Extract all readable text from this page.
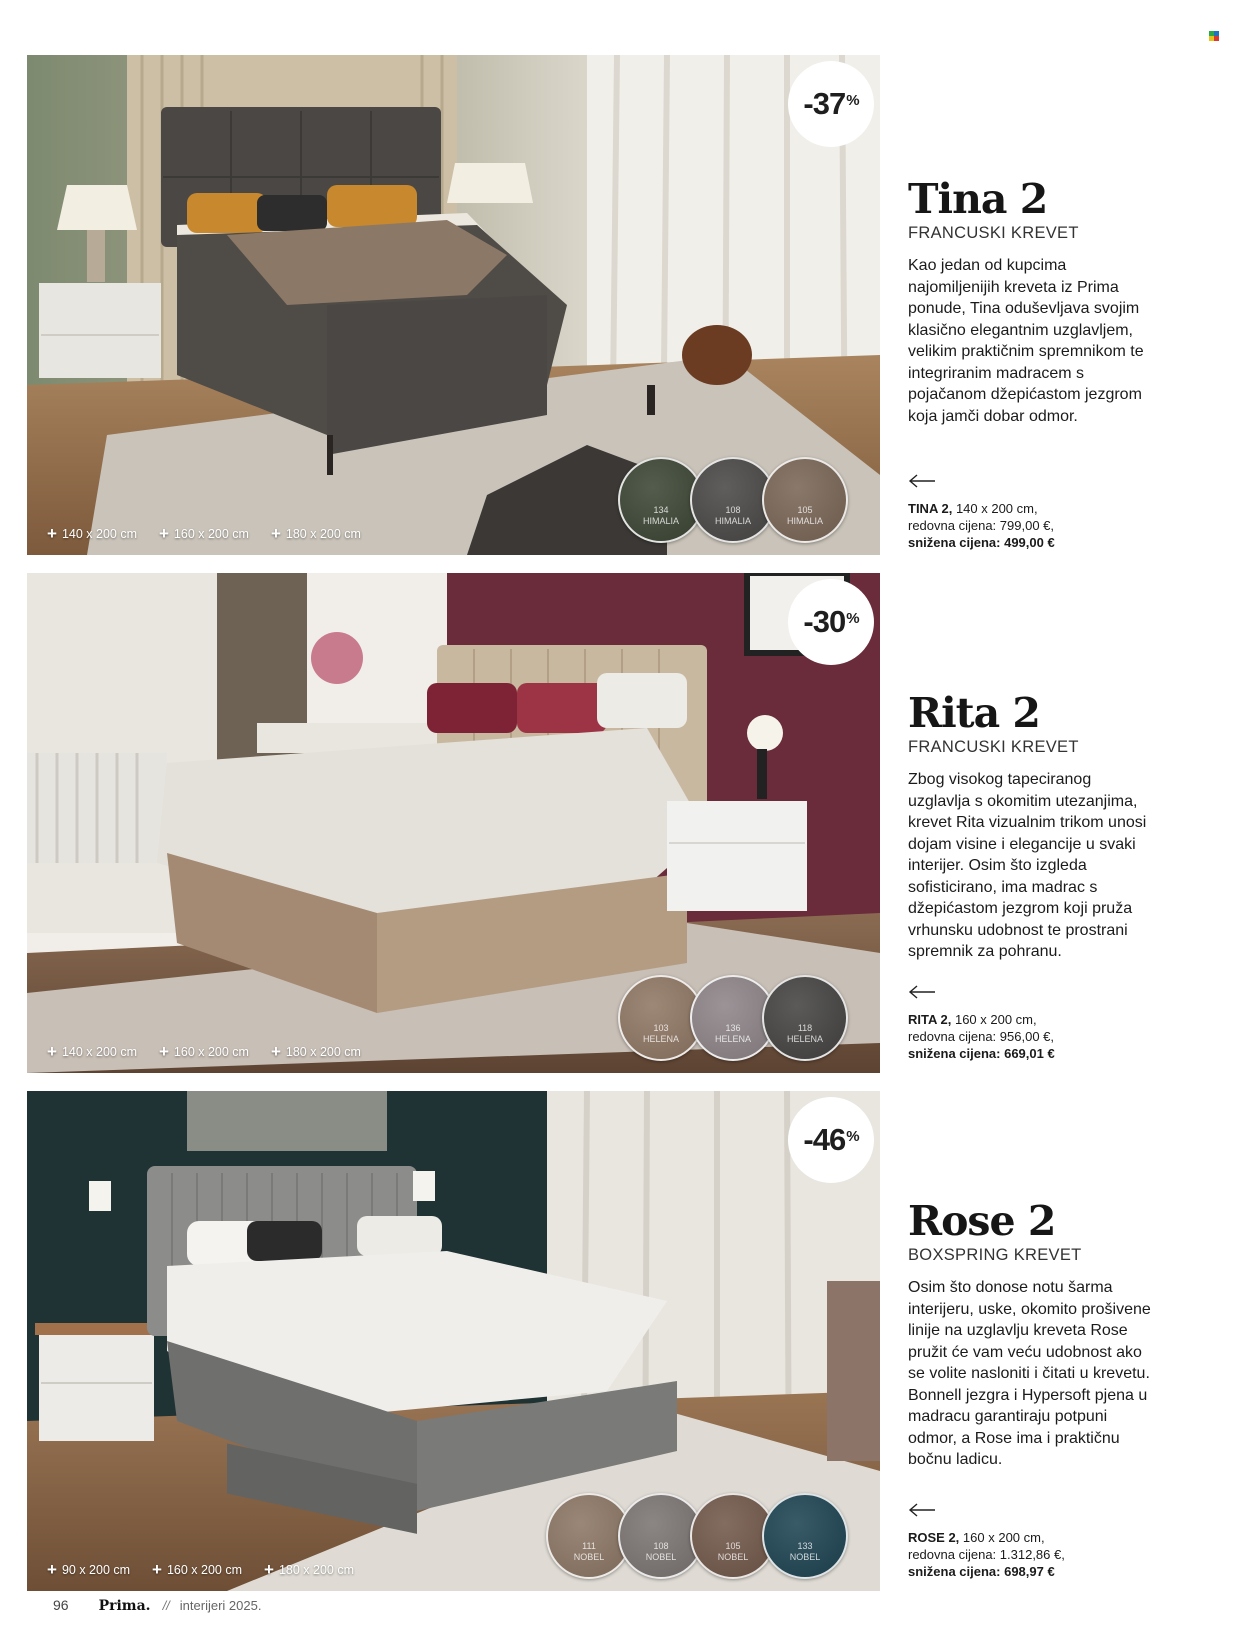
-37%
+ 140 x 200 cm + 160 x 200 cm + 180 x 200 cm
134
HIMALIA
108
HIMALIA
105
HIMALIA
Tina 2
FRANCUSKI KREVET
Kao jedan od kupcima najomiljenijih kreveta iz Prima ponude, Tina oduševljava svojim klasično elegantnim uzglavljem, velikim praktičnim spremnikom te integriranim madracem s pojačanom džepićastom jezgrom koja jamči dobar odmor.
TINA 2, 140 x 200 cm,
redovna cijena: 799,00 €,
snižena cijena: 499,00 €
-30%
+ 140 x 200 cm + 160 x 200 cm + 180 x 200 cm
103
HELENA
136
HELENA
118
HELENA
Rita 2
FRANCUSKI KREVET
Zbog visokog tapeciranog uzglavlja s okomitim utezanjima, krevet Rita vizualnim trikom unosi dojam visine i elegancije u svaki interijer. Osim što izgleda sofisticirano, ima madrac s džepićastom jezgrom koji pruža vrhunsku udobnost te prostrani spremnik za pohranu.
RITA 2, 160 x 200 cm,
redovna cijena: 956,00 €,
snižena cijena: 669,01 €
-46%
+ 90 x 200 cm + 160 x 200 cm + 180 x 200 cm
111
NOBEL
108
NOBEL
105
NOBEL
133
NOBEL
Rose 2
BOXSPRING KREVET
Osim što donose notu šarma interijeru, uske, okomito prošivene linije na uzglavlju kreveta Rose pružit će vam veću udobnost ako se volite nasloniti i čitati u krevetu. Bonnell jezgra i Hypersoft pjena u madracu garantiraju potpuni odmor, a Rose ima i praktičnu bočnu ladicu.
ROSE 2, 160 x 200 cm,
redovna cijena: 1.312,86 €,
snižena cijena: 698,97 €
96 Prima. // interijeri 2025.
